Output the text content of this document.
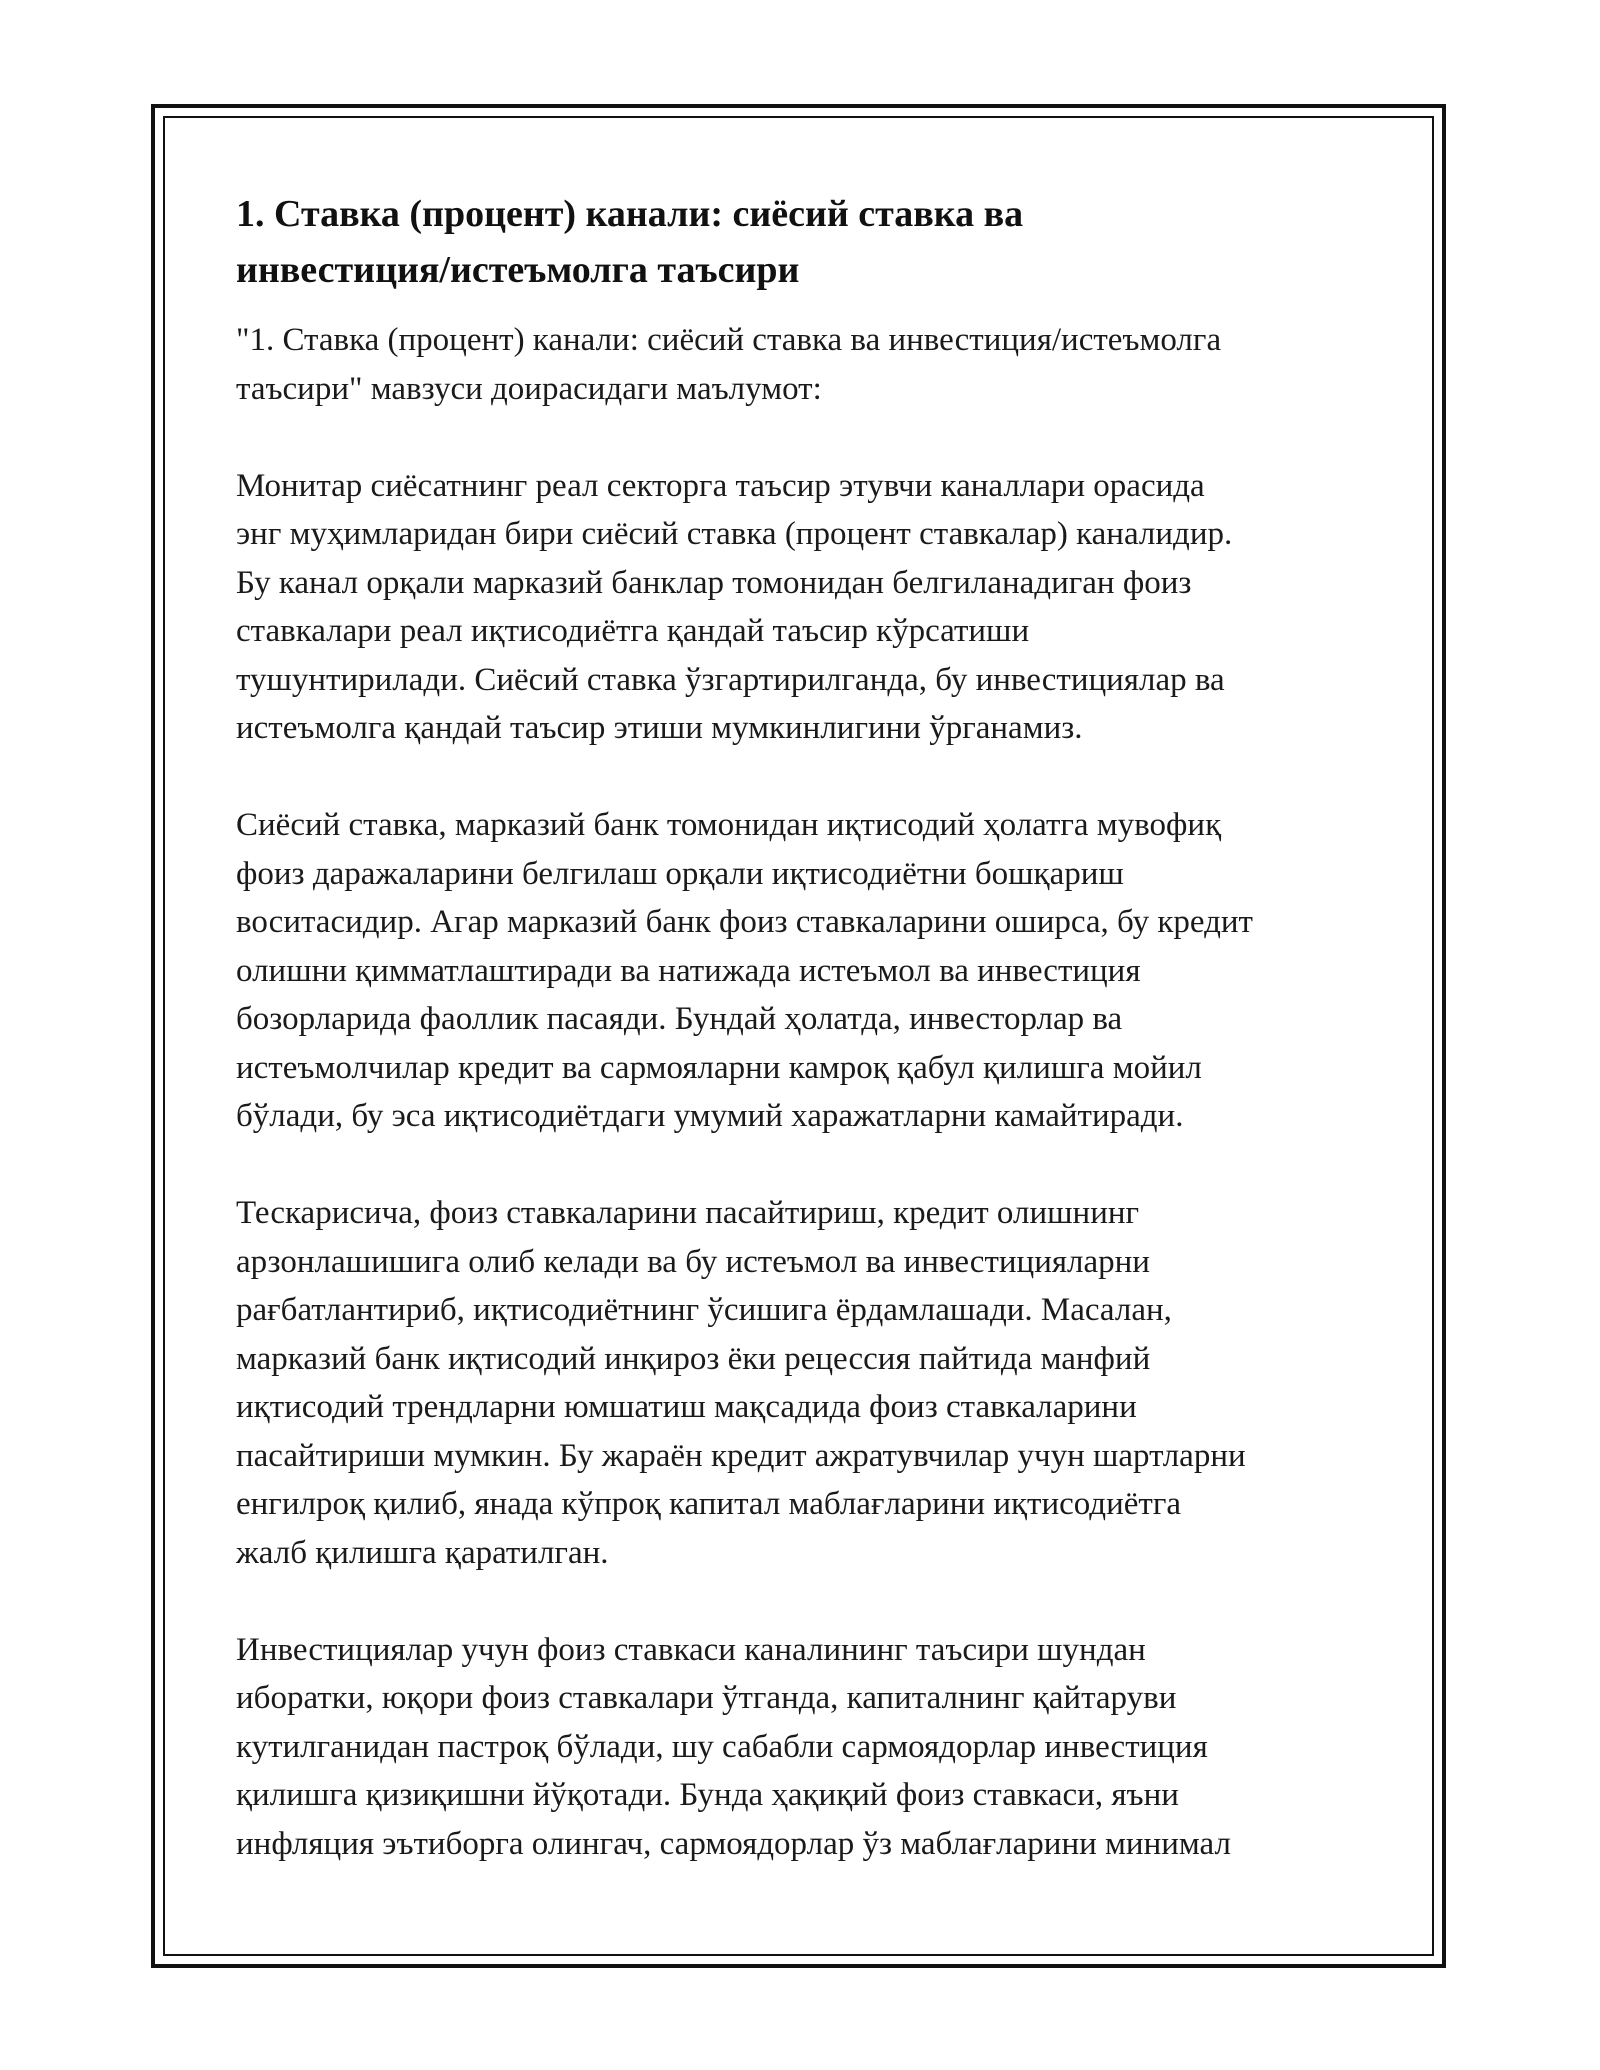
1. Ставка (процент) канали: сиёсий ставка ва
инвестиция/истеъмолга таъсири

"1. Ставка (процент) канали: сиёсий ставка ва инвестиция/истеъмолга
таъсири" мавзуси доирасидаги маълумот:

Монитар сиёсатнинг реал секторга таъсир этувчи каналлари орасида
энг муҳимларидан бири сиёсий ставка (процент ставкалар) каналидир.
Бу канал орқали марказий банклар томонидан белгиланадиган фоиз
ставкалари реал иқтисодиётга қандай таъсир кўрсатиши
тушунтирилади. Сиёсий ставка ўзгартирилганда, бу инвестициялар ва
истеъмолга қандай таъсир этиши мумкинлигини ўрганамиз.

Сиёсий ставка, марказий банк томонидан иқтисодий ҳолатга мувофиқ
фоиз даражаларини белгилаш орқали иқтисодиётни бошқариш
воситасидир. Агар марказий банк фоиз ставкаларини оширса, бу кредит
олишни қимматлаштиради ва натижада истеъмол ва инвестиция
бозорларида фаоллик пасаяди. Бундай ҳолатда, инвесторлар ва
истеъмолчилар кредит ва сармояларни камроқ қабул қилишга мойил
бўлади, бу эса иқтисодиётдаги умумий харажатларни камайтиради.

Тескарисича, фоиз ставкаларини пасайтириш, кредит олишнинг
арзонлашишига олиб келади ва бу истеъмол ва инвестицияларни
рағбатлантириб, иқтисодиётнинг ўсишига ёрдамлашади. Масалан,
марказий банк иқтисодий инқироз ёки рецессия пайтида манфий
иқтисодий трендларни юмшатиш мақсадида фоиз ставкаларини
пасайтириши мумкин. Бу жараён кредит ажратувчилар учун шартларни
енгилроқ қилиб, янада кўпроқ капитал маблағларини иқтисодиётга
жалб қилишга қаратилган.

Инвестициялар учун фоиз ставкаси каналининг таъсири шундан
иборатки, юқори фоиз ставкалари ўтганда, капиталнинг қайтаруви
кутилганидан пастроқ бўлади, шу сабабли сармоядорлар инвестиция
қилишга қизиқишни йўқотади. Бунда ҳақиқий фоиз ставкаси, яъни
инфляция эътиборга олингач, сармоядорлар ўз маблағларини минимал
